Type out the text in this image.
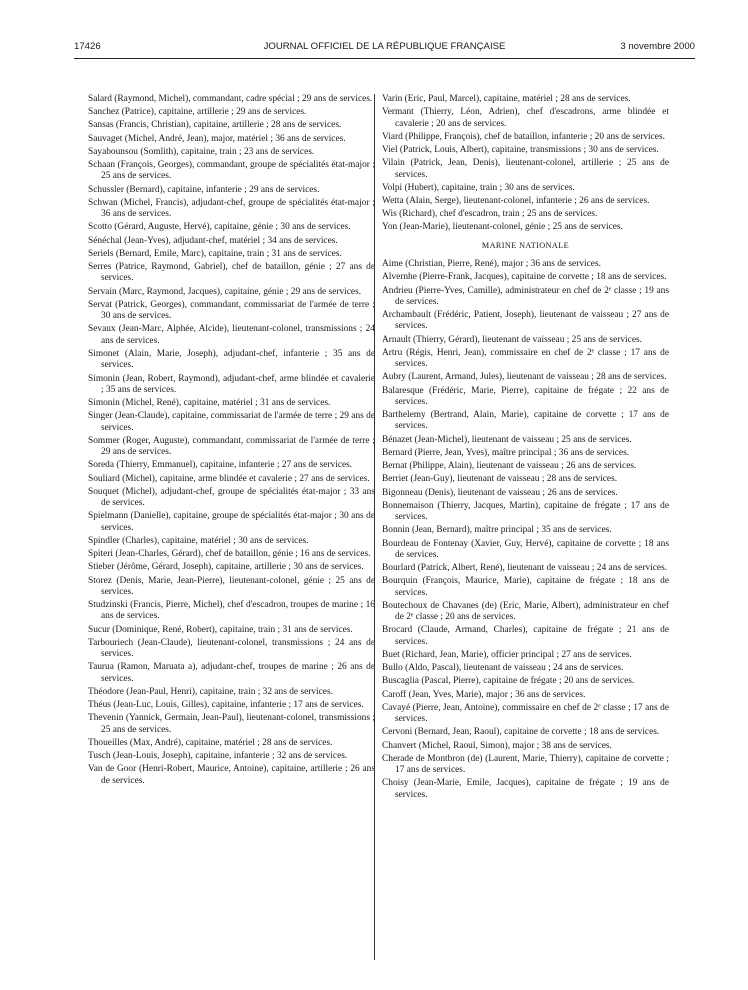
17426	JOURNAL OFFICIEL DE LA RÉPUBLIQUE FRANÇAISE	3 novembre 2000

Salard (Raymond, Michel), commandant, cadre spécial ; 29 ans de services.

Sanchez (Patrice), capitaine, artillerie ; 29 ans de services.

Sansas (Francis, Christian), capitaine, artillerie ; 28 ans de services.

Sauvaget (Michel, André, Jean), major, matériel ; 36 ans de services.

Sayabounsou (Somlith), capitaine, train ; 23 ans de services.

Schaan (François, Georges), commandant, groupe de spécialités état-major ; 25 ans de services.

Schussler (Bernard), capitaine, infanterie ; 29 ans de services.

Schwan (Michel, Francis), adjudant-chef, groupe de spécialités état-major ; 36 ans de services.

Scotto (Gérard, Auguste, Hervé), capitaine, génie ; 30 ans de services.

Sénéchal (Jean-Yves), adjudant-chef, matériel ; 34 ans de services.

Seriels (Bernard, Emile, Marc), capitaine, train ; 31 ans de services.

Serres (Patrice, Raymond, Gabriel), chef de bataillon, génie ; 27 ans de services.

Servain (Marc, Raymond, Jacques), capitaine, génie ; 29 ans de services.

Servat (Patrick, Georges), commandant, commissariat de l'armée de terre ; 30 ans de services.

Sevaux (Jean-Marc, Alphée, Alcide), lieutenant-colonel, transmissions ; 24 ans de services.

Simonet (Alain, Marie, Joseph), adjudant-chef, infanterie ; 35 ans de services.

Simonin (Jean, Robert, Raymond), adjudant-chef, arme blindée et cavalerie ; 35 ans de services.

Simonin (Michel, René), capitaine, matériel ; 31 ans de services.

Singer (Jean-Claude), capitaine, commissariat de l'armée de terre ; 29 ans de services.

Sommer (Roger, Auguste), commandant, commissariat de l'armée de terre ; 29 ans de services.

Soreda (Thierry, Emmanuel), capitaine, infanterie ; 27 ans de services.

Souliard (Michel), capitaine, arme blindée et cavalerie ; 27 ans de services.

Souquet (Michel), adjudant-chef, groupe de spécialités état-major ; 33 ans de services.

Spielmann (Danielle), capitaine, groupe de spécialités état-major ; 30 ans de services.

Spindler (Charles), capitaine, matériel ; 30 ans de services.

Spiteri (Jean-Charles, Gérard), chef de bataillon, génie ; 16 ans de services.

Stieber (Jérôme, Gérard, Joseph), capitaine, artillerie ; 30 ans de services.

Storez (Denis, Marie, Jean-Pierre), lieutenant-colonel, génie ; 25 ans de services.

Studzinski (Francis, Pierre, Michel), chef d'escadron, troupes de marine ; 16 ans de services.

Sucur (Dominique, René, Robert), capitaine, train ; 31 ans de services.

Tarbouriech (Jean-Claude), lieutenant-colonel, transmissions ; 24 ans de services.

Taurua (Ramon, Maruata a), adjudant-chef, troupes de marine ; 26 ans de services.

Théodore (Jean-Paul, Henri), capitaine, train ; 32 ans de services.

Théus (Jean-Luc, Louis, Gilles), capitaine, infanterie ; 17 ans de services.

Thevenin (Yannick, Germain, Jean-Paul), lieutenant-colonel, transmissions ; 25 ans de services.

Thoueilles (Max, André), capitaine, matériel ; 28 ans de services.

Tusch (Jean-Louis, Joseph), capitaine, infanterie ; 32 ans de services.

Van de Goor (Henri-Robert, Maurice, Antoine), capitaine, artillerie ; 26 ans de services.

Varin (Eric, Paul, Marcel), capitaine, matériel ; 28 ans de services.

Vermant (Thierry, Léon, Adrien), chef d'escadrons, arme blindée et cavalerie ; 20 ans de services.

Viard (Philippe, François), chef de bataillon, infanterie ; 20 ans de services.

Viel (Patrick, Louis, Albert), capitaine, transmissions ; 30 ans de services.

Vilain (Patrick, Jean, Denis), lieutenant-colonel, artillerie ; 25 ans de services.

Volpi (Hubert), capitaine, train ; 30 ans de services.

Wetta (Alain, Serge), lieutenant-colonel, infanterie ; 26 ans de services.

Wis (Richard), chef d'escadron, train ; 25 ans de services.

Yon (Jean-Marie), lieutenant-colonel, génie ; 25 ans de services.

MARINE NATIONALE

Aime (Christian, Pierre, René), major ; 36 ans de services.

Alvernhe (Pierre-Frank, Jacques), capitaine de corvette ; 18 ans de services.

Andrieu (Pierre-Yves, Camille), administrateur en chef de 2ᵉ classe ; 19 ans de services.

Archambault (Frédéric, Patient, Joseph), lieutenant de vaisseau ; 27 ans de services.

Arnault (Thierry, Gérard), lieutenant de vaisseau ; 25 ans de services.

Artru (Régis, Henri, Jean), commissaire en chef de 2ᵉ classe ; 17 ans de services.

Aubry (Laurent, Armand, Jules), lieutenant de vaisseau ; 28 ans de services.

Balaresque (Frédéric, Marie, Pierre), capitaine de frégate ; 22 ans de services.

Barthelemy (Bertrand, Alain, Marie), capitaine de corvette ; 17 ans de services.

Bénazet (Jean-Michel), lieutenant de vaisseau ; 25 ans de services.

Bernard (Pierre, Jean, Yves), maître principal ; 36 ans de services.

Bernat (Philippe, Alain), lieutenant de vaisseau ; 26 ans de services.

Berriet (Jean-Guy), lieutenant de vaisseau ; 28 ans de services.

Bigonneau (Denis), lieutenant de vaisseau ; 26 ans de services.

Bonnemaison (Thierry, Jacques, Martin), capitaine de frégate ; 17 ans de services.

Bonnin (Jean, Bernard), maître principal ; 35 ans de services.

Bourdeau de Fontenay (Xavier, Guy, Hervé), capitaine de corvette ; 18 ans de services.

Bourlard (Patrick, Albert, René), lieutenant de vaisseau ; 24 ans de services.

Bourquin (François, Maurice, Marie), capitaine de frégate ; 18 ans de services.

Boutechoux de Chavanes (de) (Eric, Marie, Albert), administrateur en chef de 2ᵉ classe ; 20 ans de services.

Brocard (Claude, Armand, Charles), capitaine de frégate ; 21 ans de services.

Buet (Richard, Jean, Marie), officier principal ; 27 ans de services.

Bullo (Aldo, Pascal), lieutenant de vaisseau ; 24 ans de services.

Buscaglia (Pascal, Pierre), capitaine de frégate ; 20 ans de services.

Caroff (Jean, Yves, Marie), major ; 36 ans de services.

Cavayé (Pierre, Jean, Antoine), commissaire en chef de 2ᵉ classe ; 17 ans de services.

Cervoni (Bernard, Jean, Raoul), capitaine de corvette ; 18 ans de services.

Chanvert (Michel, Raoul, Simon), major ; 38 ans de services.

Cherade de Montbron (de) (Laurent, Marie, Thierry), capitaine de corvette ; 17 ans de services.

Choisy (Jean-Marie, Emile, Jacques), capitaine de frégate ; 19 ans de services.
